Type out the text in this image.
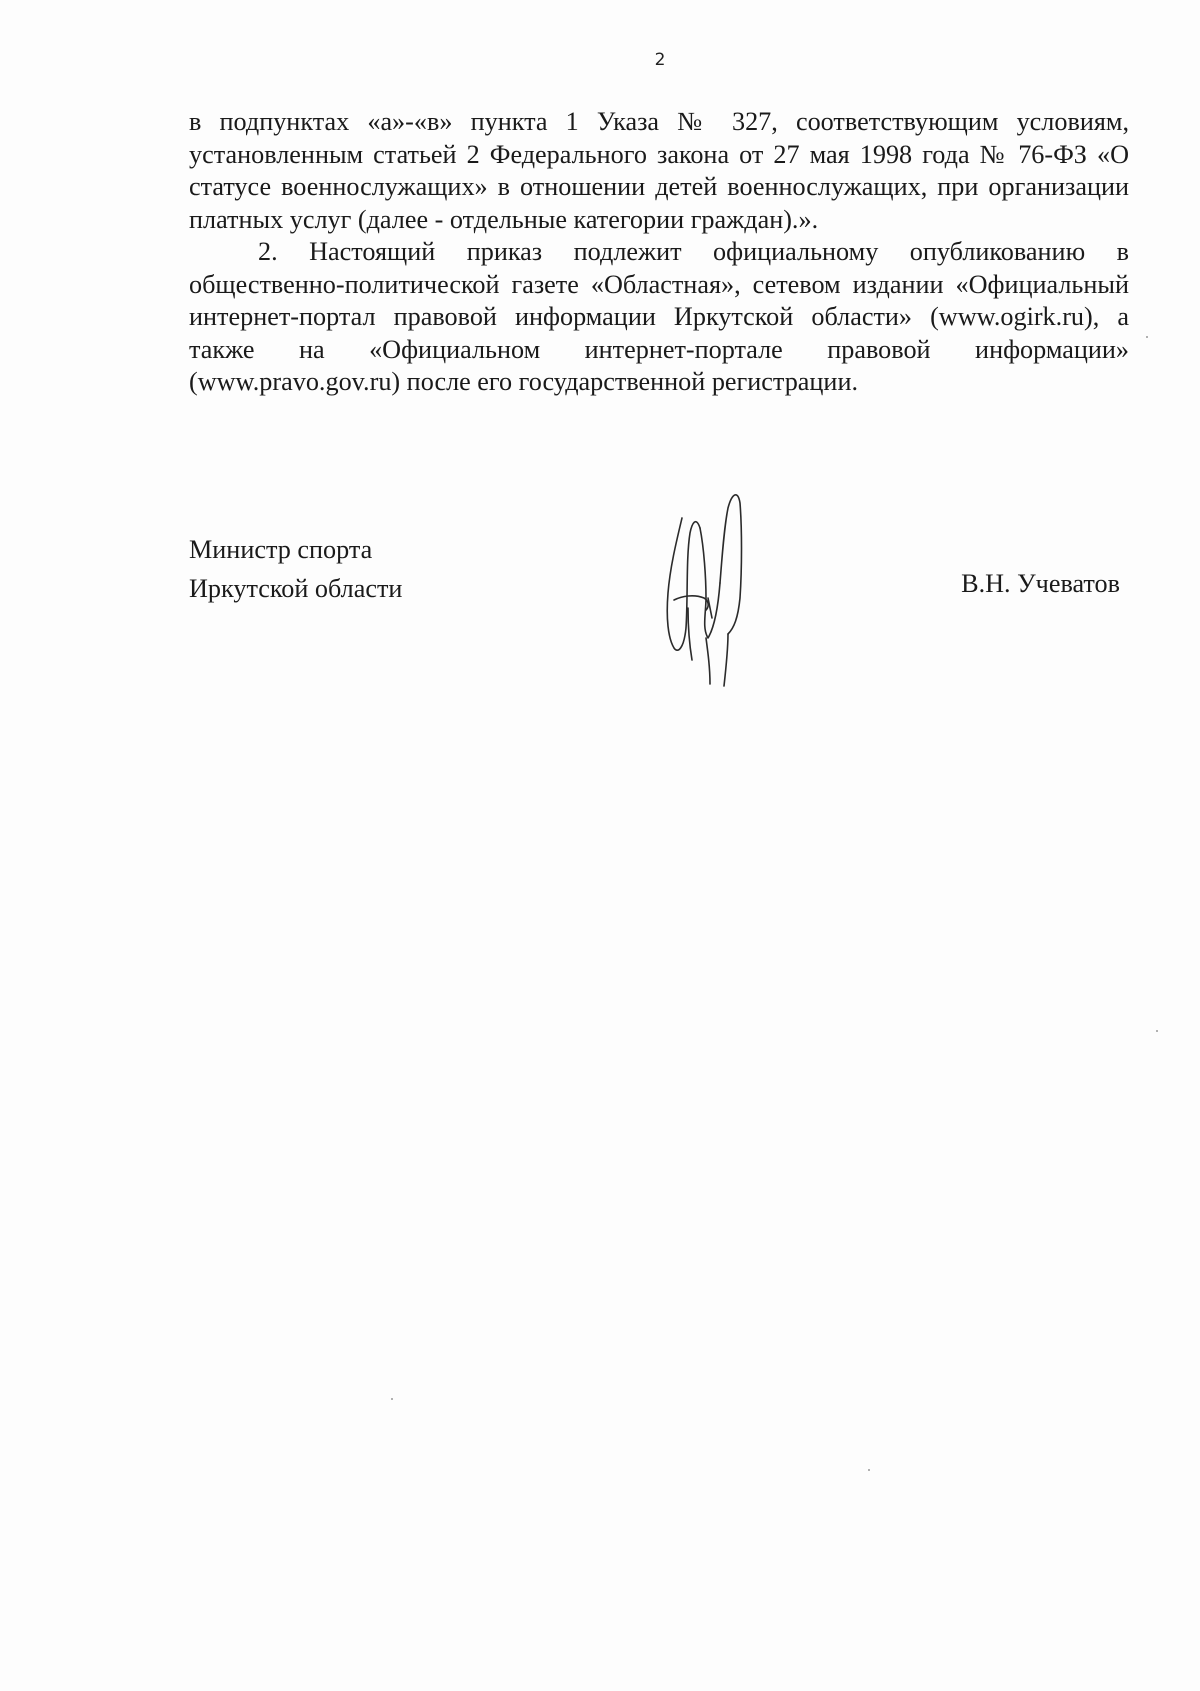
2

в подпунктах «а»-«в» пункта 1 Указа № 327, соответствующим условиям, установленным статьей 2 Федерального закона от 27 мая 1998 года № 76-ФЗ «О статусе военнослужащих» в отношении детей военнослужащих, при организации платных услуг (далее - отдельные категории граждан).».

2. Настоящий приказ подлежит официальному опубликованию в общественно-политической газете «Областная», сетевом издании «Официальный интернет-портал правовой информации Иркутской области» (www.ogirk.ru), а также на «Официальном интернет-портале правовой информации» (www.pravo.gov.ru) после его государственной регистрации.

Министр спорта
Иркутской области	В.Н. Учеватов
